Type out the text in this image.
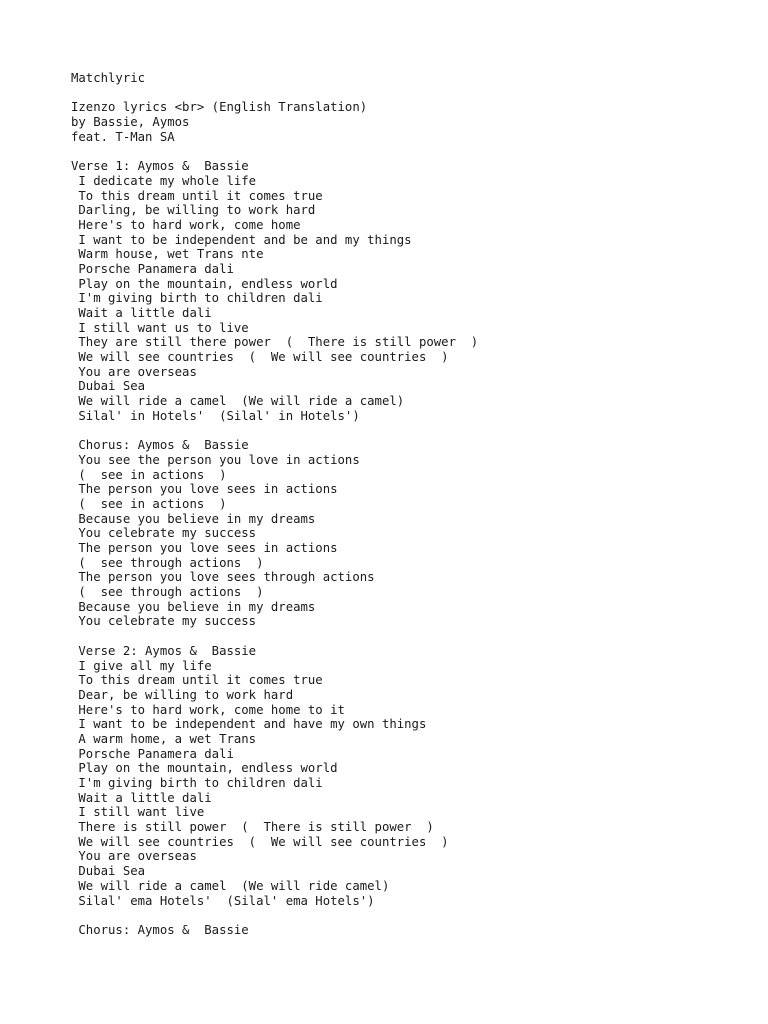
Matchlyric
Izenzo lyrics <br> (English Translation)
by Bassie, Aymos
feat. T-Man SA
Verse 1: Aymos &  Bassie
I dedicate my whole life
To this dream until it comes true
Darling, be willing to work hard
Here's to hard work, come home
I want to be independent and be and my things
Warm house, wet Trans nte
Porsche Panamera dali
Play on the mountain, endless world
I'm giving birth to children dali
Wait a little dali
I still want us to live
They are still there power  (  There is still power  )
We will see countries  (  We will see countries  )
You are overseas
Dubai Sea
We will ride a camel  (We will ride a camel)
Silal' in Hotels'  (Silal' in Hotels')
Chorus: Aymos &  Bassie
You see the person you love in actions
(  see in actions  )
The person you love sees in actions
(  see in actions  )
Because you believe in my dreams
You celebrate my success
The person you love sees in actions
(  see through actions  )
The person you love sees through actions
(  see through actions  )
Because you believe in my dreams
You celebrate my success
Verse 2: Aymos &  Bassie
I give all my life
To this dream until it comes true
Dear, be willing to work hard
Here's to hard work, come home to it
I want to be independent and have my own things
A warm home, a wet Trans
Porsche Panamera dali
Play on the mountain, endless world
I'm giving birth to children dali
Wait a little dali
I still want live
There is still power  (  There is still power  )
We will see countries  (  We will see countries  )
You are overseas
Dubai Sea
We will ride a camel  (We will ride camel)
Silal' ema Hotels'  (Silal' ema Hotels')
Chorus: Aymos &  Bassie
